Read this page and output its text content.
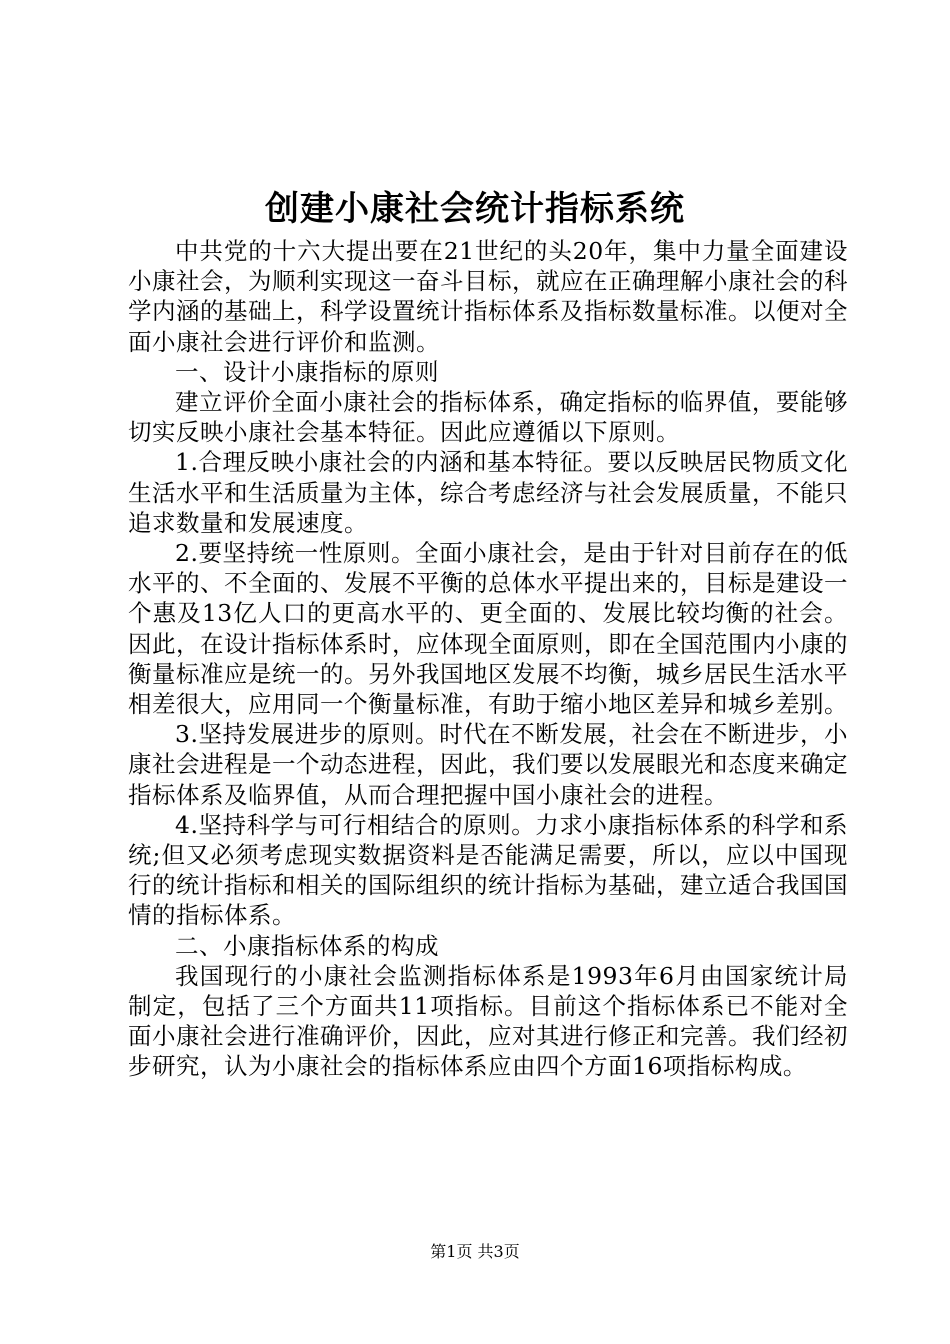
创建小康社会统计指标系统

中共党的十六大提出要在21世纪的头20年，集中力量全面建设小康社会，为顺利实现这一奋斗目标，就应在正确理解小康社会的科学内涵的基础上，科学设置统计指标体系及指标数量标准。以便对全面小康社会进行评价和监测。

一、设计小康指标的原则

建立评价全面小康社会的指标体系，确定指标的临界值，要能够切实反映小康社会基本特征。因此应遵循以下原则。

1.合理反映小康社会的内涵和基本特征。要以反映居民物质文化生活水平和生活质量为主体，综合考虑经济与社会发展质量，不能只追求数量和发展速度。

2.要坚持统一性原则。全面小康社会，是由于针对目前存在的低水平的、不全面的、发展不平衡的总体水平提出来的，目标是建设一个惠及13亿人口的更高水平的、更全面的、发展比较均衡的社会。因此，在设计指标体系时，应体现全面原则，即在全国范围内小康的衡量标准应是统一的。另外我国地区发展不均衡，城乡居民生活水平相差很大，应用同一个衡量标准，有助于缩小地区差异和城乡差别。

3.坚持发展进步的原则。时代在不断发展，社会在不断进步，小康社会进程是一个动态进程，因此，我们要以发展眼光和态度来确定指标体系及临界值，从而合理把握中国小康社会的进程。

4.坚持科学与可行相结合的原则。力求小康指标体系的科学和系统;但又必须考虑现实数据资料是否能满足需要，所以，应以中国现行的统计指标和相关的国际组织的统计指标为基础，建立适合我国国情的指标体系。

二、小康指标体系的构成

我国现行的小康社会监测指标体系是1993年6月由国家统计局制定，包括了三个方面共11项指标。目前这个指标体系已不能对全面小康社会进行准确评价，因此，应对其进行修正和完善。我们经初步研究，认为小康社会的指标体系应由四个方面16项指标构成。

第1页 共3页
